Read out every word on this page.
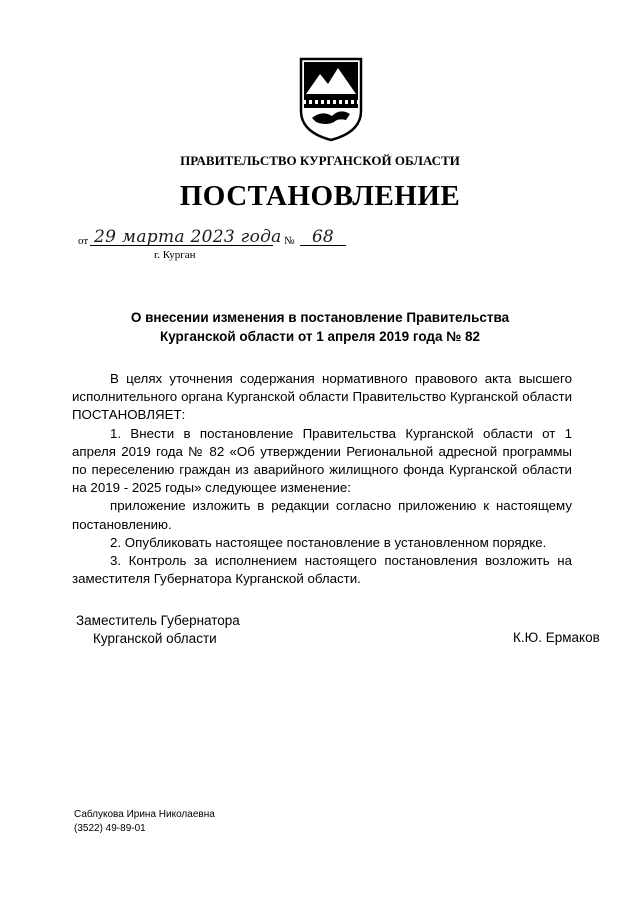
ПРАВИТЕЛЬСТВО КУРГАНСКОЙ ОБЛАСТИ
ПОСТАНОВЛЕНИЕ
от 29 марта 2023 года № 68
г. Курган
О внесении изменения в постановление Правительства
Курганской области от 1 апреля 2019 года № 82

В целях уточнения содержания нормативного правового акта высшего исполнительного органа Курганской области Правительство Курганской области ПОСТАНОВЛЯЕТ:

1. Внести в постановление Правительства Курганской области от 1 апреля 2019 года № 82 «Об утверждении Региональной адресной программы по переселению граждан из аварийного жилищного фонда Курганской области на 2019 - 2025 годы» следующее изменение:

приложение изложить в редакции согласно приложению к настоящему постановлению.

2. Опубликовать настоящее постановление в установленном порядке.

3. Контроль за исполнением настоящего постановления возложить на заместителя Губернатора Курганской области.

Заместитель Губернатора
Курганской области	К.Ю. Ермаков
Саблукова Ирина Николаевна
(3522) 49-89-01
